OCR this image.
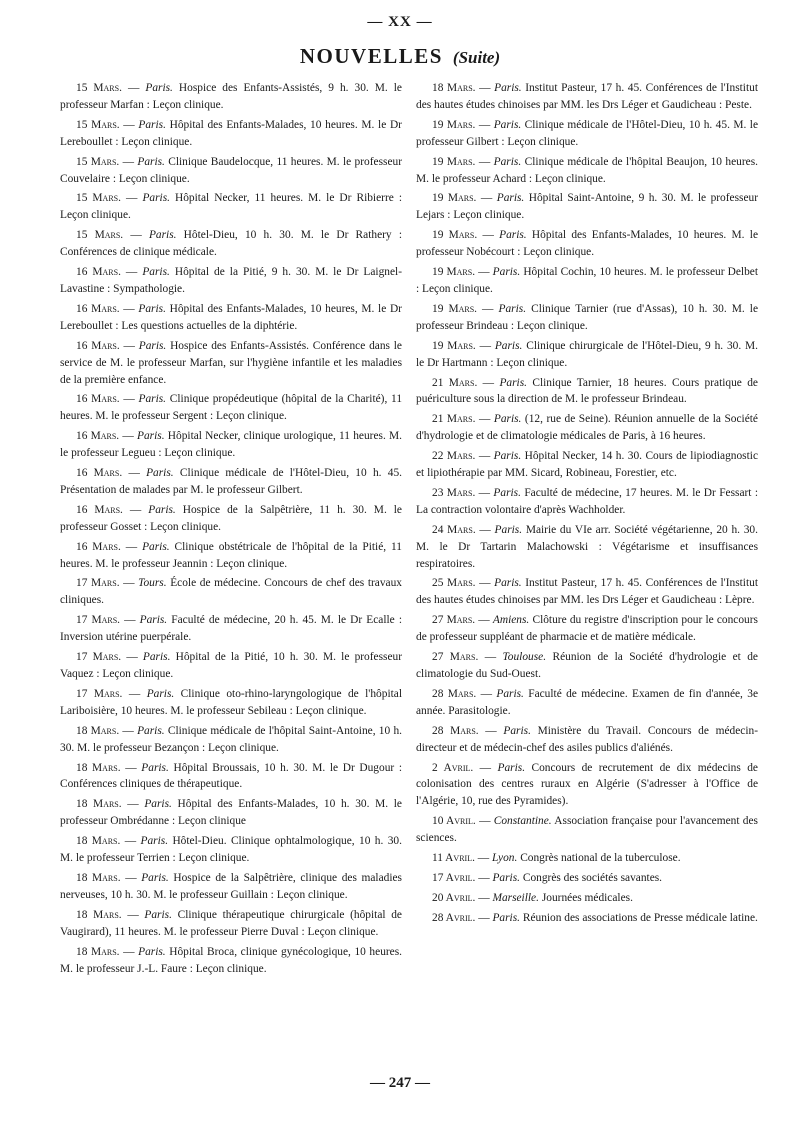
— XX —
NOUVELLES (Suite)

15 Mars. — Paris. Hospice des Enfants-Assistés, 9 h. 30. M. le professeur Marfan : Leçon clinique.

15 Mars. — Paris. Hôpital des Enfants-Malades, 10 heures. M. le Dr Lereboullet : Leçon clinique.

15 Mars. — Paris. Clinique Baudelocque, 11 heures. M. le professeur Couvelaire : Leçon clinique.

15 Mars. — Paris. Hôpital Necker, 11 heures. M. le Dr Ribierre : Leçon clinique.

15 Mars. — Paris. Hôtel-Dieu, 10 h. 30. M. le Dr Rathery : Conférences de clinique médicale.

16 Mars. — Paris. Hôpital de la Pitié, 9 h. 30. M. le Dr Laignel-Lavastine : Sympathologie.

16 Mars. — Paris. Hôpital des Enfants-Malades, 10 heures, M. le Dr Lereboullet : Les questions actuelles de la diphtérie.

16 Mars. — Paris. Hospice des Enfants-Assistés. Conférence dans le service de M. le professeur Marfan, sur l'hygiène infantile et les maladies de la première enfance.

16 Mars. — Paris. Clinique propédeutique (hôpital de la Charité), 11 heures. M. le professeur Sergent : Leçon clinique.

16 Mars. — Paris. Hôpital Necker, clinique urologique, 11 heures. M. le professeur Legueu : Leçon clinique.

16 Mars. — Paris. Clinique médicale de l'Hôtel-Dieu, 10 h. 45. Présentation de malades par M. le professeur Gilbert.

16 Mars. — Paris. Hospice de la Salpêtrière, 11 h. 30. M. le professeur Gosset : Leçon clinique.

16 Mars. — Paris. Clinique obstétricale de l'hôpital de la Pitié, 11 heures. M. le professeur Jeannin : Leçon clinique.

17 Mars. — Tours. École de médecine. Concours de chef des travaux cliniques.

17 Mars. — Paris. Faculté de médecine, 20 h. 45. M. le Dr Ecalle : Inversion utérine puerpérale.

17 Mars. — Paris. Hôpital de la Pitié, 10 h. 30. M. le professeur Vaquez : Leçon clinique.

17 Mars. — Paris. Clinique oto-rhino-laryngologique de l'hôpital Lariboisière, 10 heures. M. le professeur Sebileau : Leçon clinique.

18 Mars. — Paris. Clinique médicale de l'hôpital Saint-Antoine, 10 h. 30. M. le professeur Bezançon : Leçon clinique.

18 Mars. — Paris. Hôpital Broussais, 10 h. 30. M. le Dr Dugour : Conférences cliniques de thérapeutique.

18 Mars. — Paris. Hôpital des Enfants-Malades, 10 h. 30. M. le professeur Ombrédanne : Leçon clinique

18 Mars. — Paris. Hôtel-Dieu. Clinique ophtalmologique, 10 h. 30. M. le professeur Terrien : Leçon clinique.

18 Mars. — Paris. Hospice de la Salpêtrière, clinique des maladies nerveuses, 10 h. 30. M. le professeur Guillain : Leçon clinique.

18 Mars. — Paris. Clinique thérapeutique chirurgicale (hôpital de Vaugirard), 11 heures. M. le professeur Pierre Duval : Leçon clinique.

18 Mars. — Paris. Hôpital Broca, clinique gynécologique, 10 heures. M. le professeur J.-L. Faure : Leçon clinique.

18 Mars. — Paris. Institut Pasteur, 17 h. 45. Conférences de l'Institut des hautes études chinoises par MM. les Drs Léger et Gaudicheau : Peste.

19 Mars. — Paris. Clinique médicale de l'Hôtel-Dieu, 10 h. 45. M. le professeur Gilbert : Leçon clinique.

19 Mars. — Paris. Clinique médicale de l'hôpital Beaujon, 10 heures. M. le professeur Achard : Leçon clinique.

19 Mars. — Paris. Hôpital Saint-Antoine, 9 h. 30. M. le professeur Lejars : Leçon clinique.

19 Mars. — Paris. Hôpital des Enfants-Malades, 10 heures. M. le professeur Nobécourt : Leçon clinique.

19 Mars. — Paris. Hôpital Cochin, 10 heures. M. le professeur Delbet : Leçon clinique.

19 Mars. — Paris. Clinique Tarnier (rue d'Assas), 10 h. 30. M. le professeur Brindeau : Leçon clinique.

19 Mars. — Paris. Clinique chirurgicale de l'Hôtel-Dieu, 9 h. 30. M. le Dr Hartmann : Leçon clinique.

21 Mars. — Paris. Clinique Tarnier, 18 heures. Cours pratique de puériculture sous la direction de M. le professeur Brindeau.

21 Mars. — Paris. (12, rue de Seine). Réunion annuelle de la Société d'hydrologie et de climatologie médicales de Paris, à 16 heures.

22 Mars. — Paris. Hôpital Necker, 14 h. 30. Cours de lipiodiagnostic et lipiothérapie par MM. Sicard, Robineau, Forestier, etc.

23 Mars. — Paris. Faculté de médecine, 17 heures. M. le Dr Fessart : La contraction volontaire d'après Wachholder.

24 Mars. — Paris. Mairie du VIe arr. Société végétarienne, 20 h. 30. M. le Dr Tartarin Malachowski : Végétarisme et insuffisances respiratoires.

25 Mars. — Paris. Institut Pasteur, 17 h. 45. Conférences de l'Institut des hautes études chinoises par MM. les Drs Léger et Gaudicheau : Lèpre.

27 Mars. — Amiens. Clôture du registre d'inscription pour le concours de professeur suppléant de pharmacie et de matière médicale.

27 Mars. — Toulouse. Réunion de la Société d'hydrologie et de climatologie du Sud-Ouest.

28 Mars. — Paris. Faculté de médecine. Examen de fin d'année, 3e année. Parasitologie.

28 Mars. — Paris. Ministère du Travail. Concours de médecin-directeur et de médecin-chef des asiles publics d'aliénés.

2 Avril. — Paris. Concours de recrutement de dix médecins de colonisation des centres ruraux en Algérie (S'adresser à l'Office de l'Algérie, 10, rue des Pyramides).

10 Avril. — Constantine. Association française pour l'avancement des sciences.

11 Avril. — Lyon. Congrès national de la tuberculose.

17 Avril. — Paris. Congrès des sociétés savantes.

20 Avril. — Marseille. Journées médicales.

28 Avril. — Paris. Réunion des associations de Presse médicale latine.

— 247 —
